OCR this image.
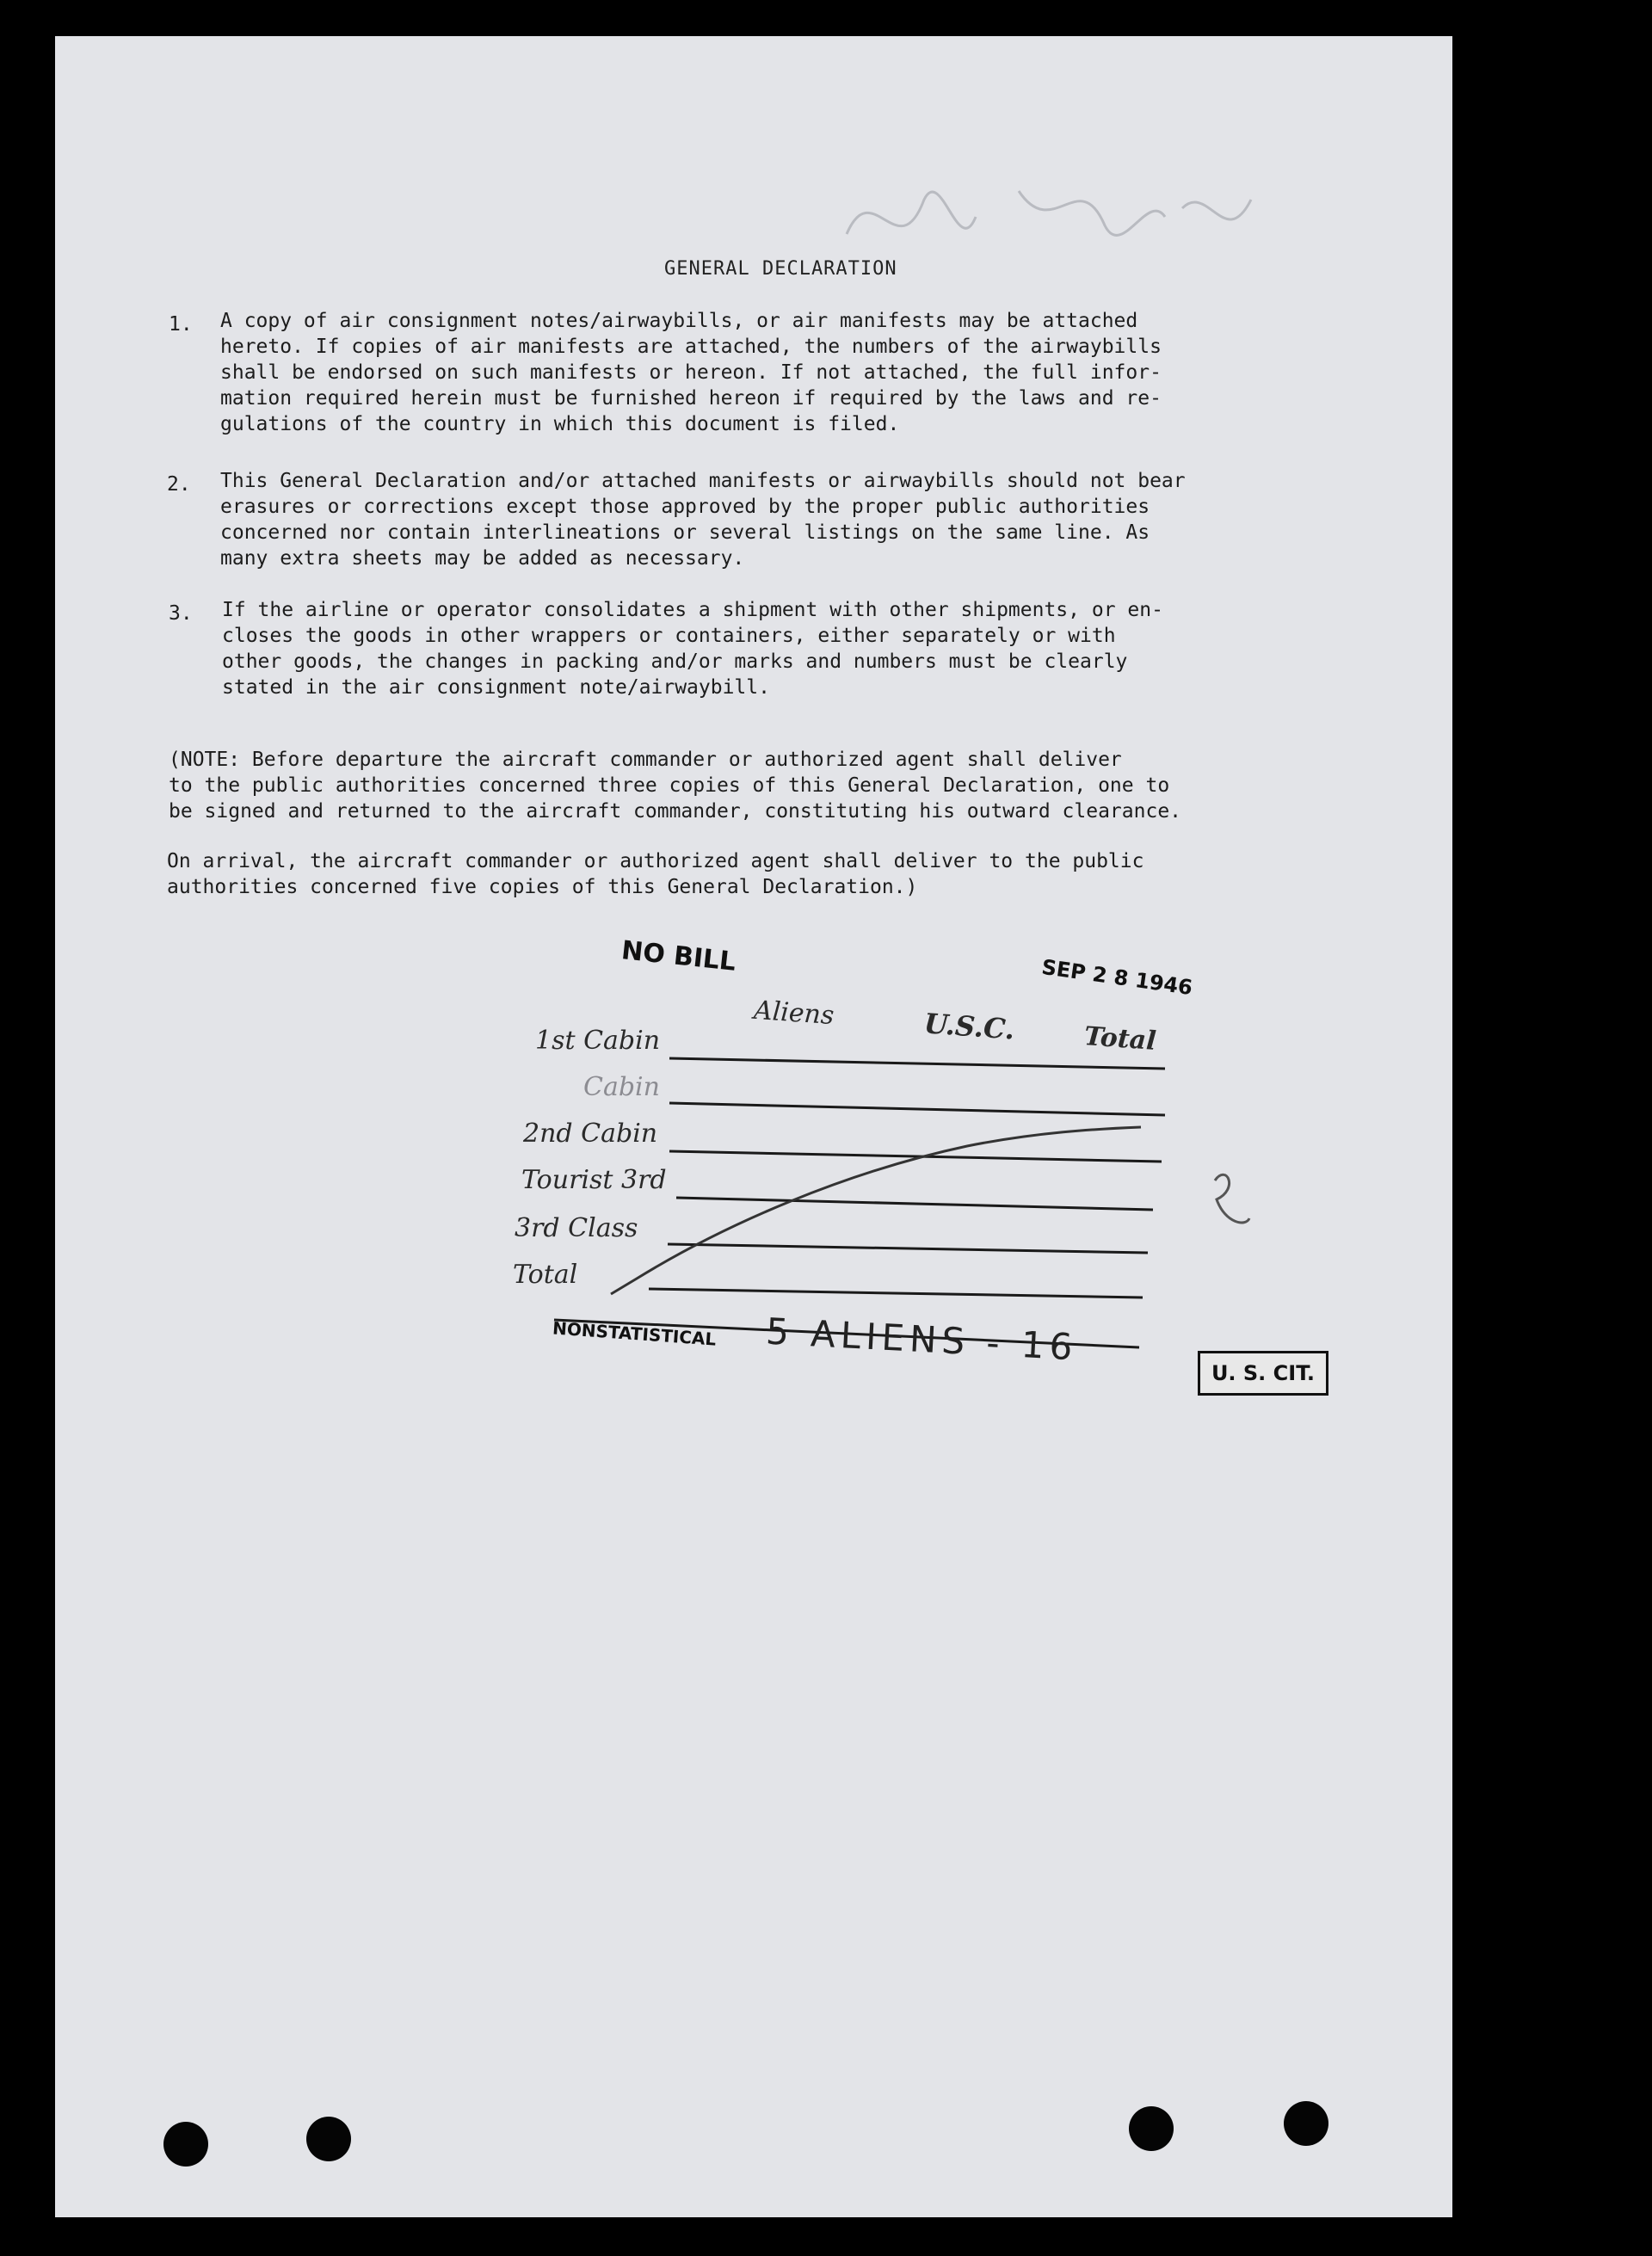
GENERAL DECLARATION
1. A copy of air consignment notes/airwaybills, or air manifests may be attached
hereto. If copies of air manifests are attached, the numbers of the airwaybills
shall be endorsed on such manifests or hereon. If not attached, the full infor-
mation required herein must be furnished hereon if required by the laws and re-
gulations of the country in which this document is filed.
2. This General Declaration and/or attached manifests or airwaybills should not bear
erasures or corrections except those approved by the proper public authorities
concerned nor contain interlineations or several listings on the same line. As
many extra sheets may be added as necessary.
3. If the airline or operator consolidates a shipment with other shipments, or en-
closes the goods in other wrappers or containers, either separately or with
other goods, the changes in packing and/or marks and numbers must be clearly
stated in the air consignment note/airwaybill.
(NOTE: Before departure the aircraft commander or authorized agent shall deliver
to the public authorities concerned three copies of this General Declaration, one to
be signed and returned to the aircraft commander, constituting his outward clearance.
On arrival, the aircraft commander or authorized agent shall deliver to the public
authorities concerned five copies of this General Declaration.)
NO BILL	SEP 2 8 1946
Aliens	U.S.C.	Total
1st Cabin
Cabin
2nd Cabin
Tourist 3rd
3rd Class
Total
NONSTATISTICAL 5 ALIENS - 16
U. S. CIT.
